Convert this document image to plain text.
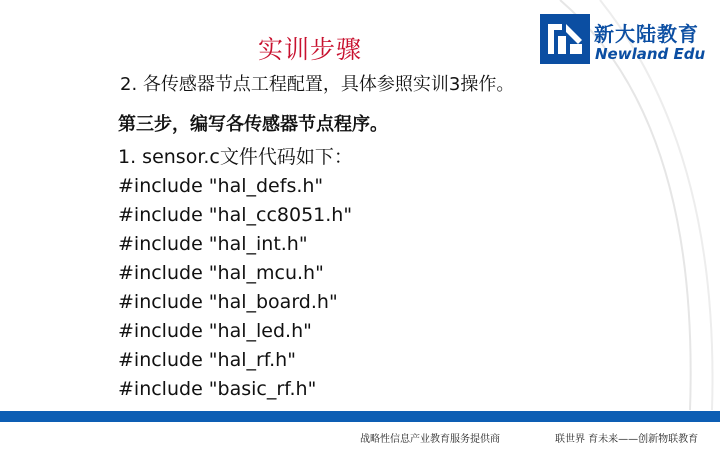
实训步骤
新大陆教育
Newland Edu
2. 各传感器节点工程配置，具体参照实训3操作。
第三步，编写各传感器节点程序。
1. sensor.c文件代码如下：
#include "hal_defs.h"
#include "hal_cc8051.h"
#include "hal_int.h"
#include "hal_mcu.h"
#include "hal_board.h"
#include "hal_led.h"
#include "hal_rf.h"
#include "basic_rf.h"
战略性信息产业教育服务提供商	联世界 育未来——创新物联教育
